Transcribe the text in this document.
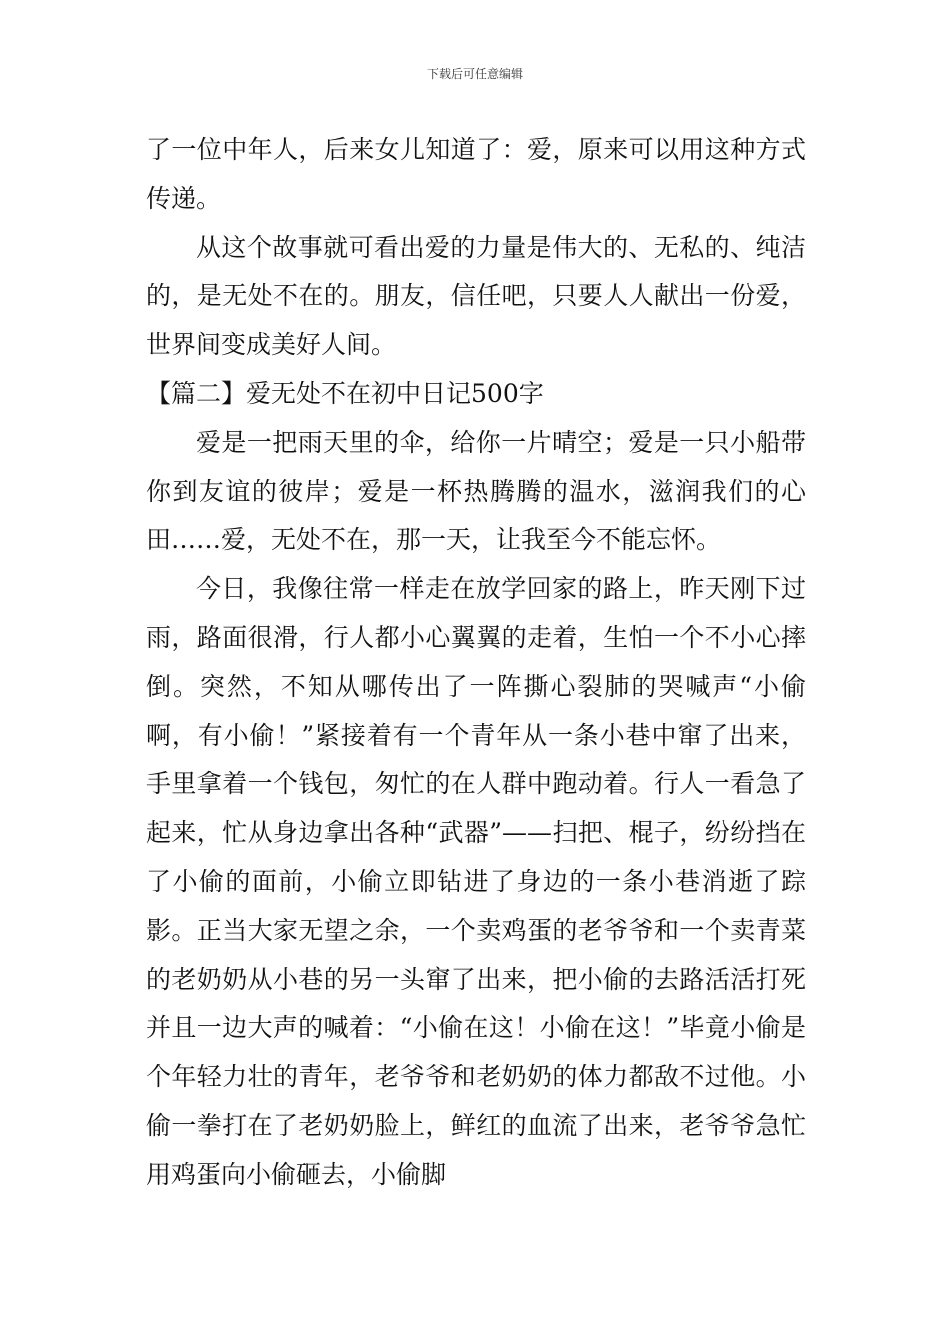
下载后可任意编辑

了一位中年人，后来女儿知道了：爱，原来可以用这种方式传递。

从这个故事就可看出爱的力量是伟大的、无私的、纯洁的，是无处不在的。朋友，信任吧，只要人人献出一份爱，世界间变成美好人间。

【篇二】爱无处不在初中日记500字

爱是一把雨天里的伞，给你一片晴空；爱是一只小船带你到友谊的彼岸；爱是一杯热腾腾的温水，滋润我们的心田……爱，无处不在，那一天，让我至今不能忘怀。

今日，我像往常一样走在放学回家的路上，昨天刚下过雨，路面很滑，行人都小心翼翼的走着，生怕一个不小心摔倒。突然，不知从哪传出了一阵撕心裂肺的哭喊声“小偷啊，有小偷！”紧接着有一个青年从一条小巷中窜了出来，手里拿着一个钱包，匆忙的在人群中跑动着。行人一看急了起来，忙从身边拿出各种“武器”——扫把、棍子，纷纷挡在了小偷的面前，小偷立即钻进了身边的一条小巷消逝了踪影。正当大家无望之余，一个卖鸡蛋的老爷爷和一个卖青菜的老奶奶从小巷的另一头窜了出来，把小偷的去路活活打死并且一边大声的喊着：“小偷在这！小偷在这！”毕竟小偷是个年轻力壮的青年，老爷爷和老奶奶的体力都敌不过他。小偷一拳打在了老奶奶脸上，鲜红的血流了出来，老爷爷急忙用鸡蛋向小偷砸去，小偷脚
